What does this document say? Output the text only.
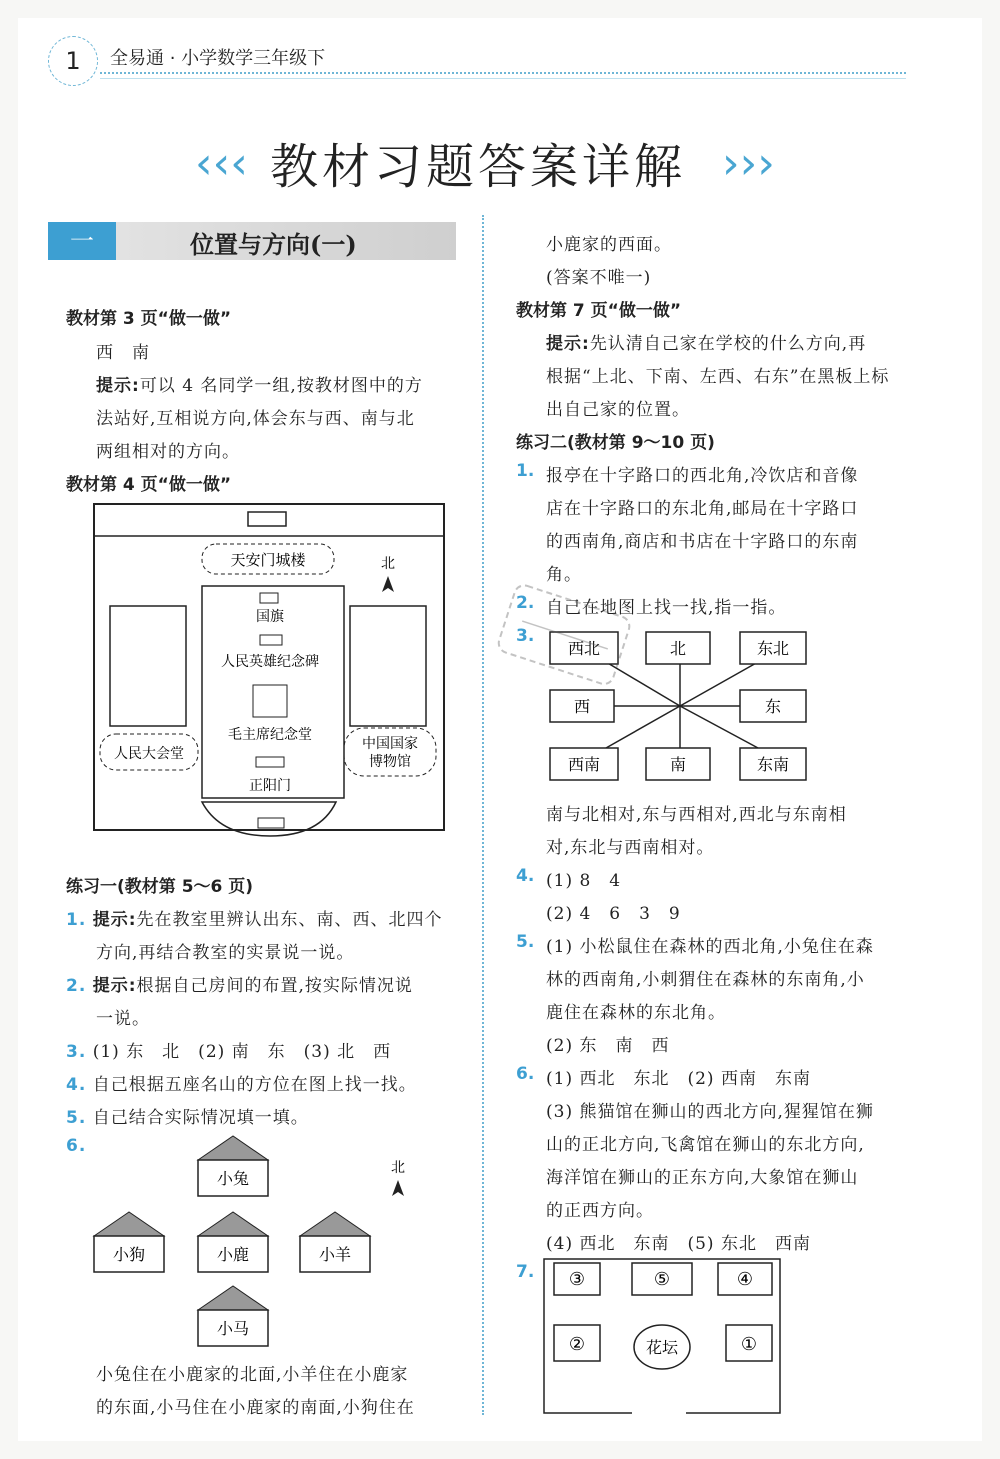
1	全易通 · 小学数学三年级下
‹‹‹ 教材习题答案详解 ›››
一	位置与方向(一)
教材第 3 页“做一做”
西　南
提示:可以 4 名同学一组,按教材图中的方
法站好,互相说方向,体会东与西、南与北
两组相对的方向。
教材第 4 页“做一做”
天安门城楼	北
国旗
人民英雄纪念碑
毛主席纪念堂
正阳门
人民大会堂
中国国家
博物馆
练习一(教材第 5～6 页)
1. 提示:先在教室里辨认出东、南、西、北四个
方向,再结合教室的实景说一说。
2. 提示:根据自己房间的布置,按实际情况说
一说。
3. (1) 东　北　(2) 南　东　(3) 北　西
4. 自己根据五座名山的方位在图上找一找。
5. 自己结合实际情况填一填。
6.
小兔
北
小狗	小鹿	小羊
小马
小兔住在小鹿家的北面,小羊住在小鹿家
的东面,小马住在小鹿家的南面,小狗住在
小鹿家的西面。
(答案不唯一)
教材第 7 页“做一做”
提示:先认清自己家在学校的什么方向,再
根据“上北、下南、左西、右东”在黑板上标
出自己家的位置。
练习二(教材第 9～10 页)
1. 报亭在十字路口的西北角,冷饮店和音像
店在十字路口的东北角,邮局在十字路口
的西南角,商店和书店在十字路口的东南
角。
2. 自己在地图上找一找,指一指。
3.
西北	北	东北
西	东
西南	南	东南
南与北相对,东与西相对,西北与东南相
对,东北与西南相对。
4. (1) 8　4
(2) 4　6　3　9
5. (1) 小松鼠住在森林的西北角,小兔住在森
林的西南角,小刺猬住在森林的东南角,小
鹿住在森林的东北角。
(2) 东　南　西
6. (1) 西北　东北　(2) 西南　东南
(3) 熊猫馆在狮山的西北方向,猩猩馆在狮
山的正北方向,飞禽馆在狮山的东北方向,
海洋馆在狮山的正东方向,大象馆在狮山
的正西方向。
(4) 西北　东南　(5) 东北　西南
7. ③	⑤	④
②	花坛	①
